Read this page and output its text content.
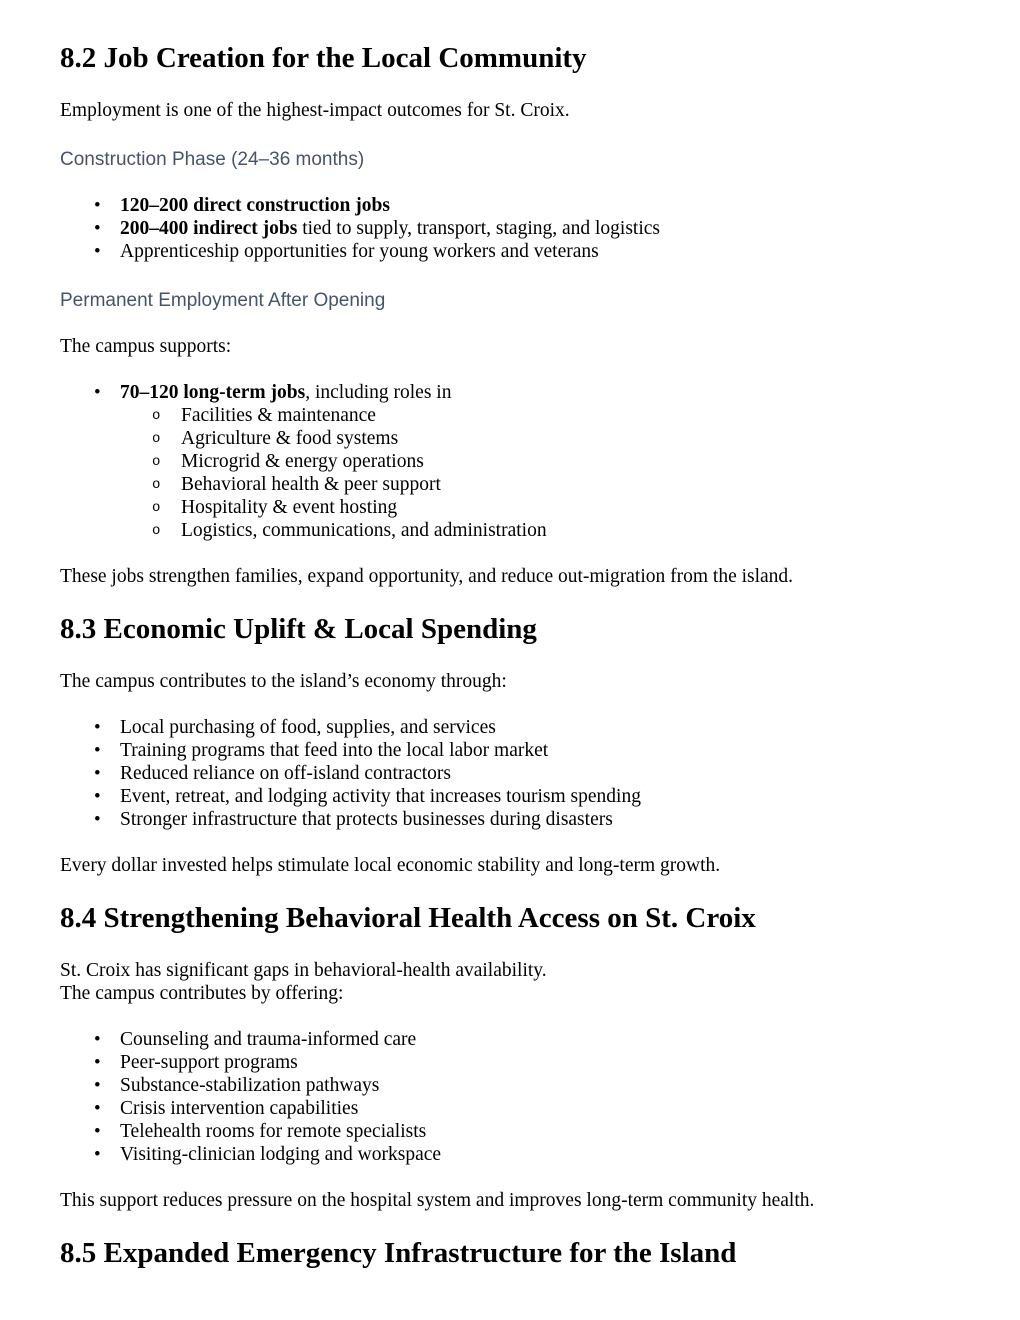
8.2 Job Creation for the Local Community

Employment is one of the highest-impact outcomes for St. Croix.

Construction Phase (24–36 months)
• 120–200 direct construction jobs
• 200–400 indirect jobs tied to supply, transport, staging, and logistics
• Apprenticeship opportunities for young workers and veterans
Permanent Employment After Opening

The campus supports:

• 70–120 long-term jobs, including roles in
o Facilities & maintenance
o Agriculture & food systems
o Microgrid & energy operations
o Behavioral health & peer support
o Hospitality & event hosting
o Logistics, communications, and administration

These jobs strengthen families, expand opportunity, and reduce out-migration from the island.

8.3 Economic Uplift & Local Spending

The campus contributes to the island’s economy through:

• Local purchasing of food, supplies, and services
• Training programs that feed into the local labor market
• Reduced reliance on off-island contractors
• Event, retreat, and lodging activity that increases tourism spending
• Stronger infrastructure that protects businesses during disasters

Every dollar invested helps stimulate local economic stability and long-term growth.

8.4 Strengthening Behavioral Health Access on St. Croix

St. Croix has significant gaps in behavioral-health availability.
The campus contributes by offering:

• Counseling and trauma-informed care
• Peer-support programs
• Substance-stabilization pathways
• Crisis intervention capabilities
• Telehealth rooms for remote specialists
• Visiting-clinician lodging and workspace

This support reduces pressure on the hospital system and improves long-term community health.

8.5 Expanded Emergency Infrastructure for the Island
